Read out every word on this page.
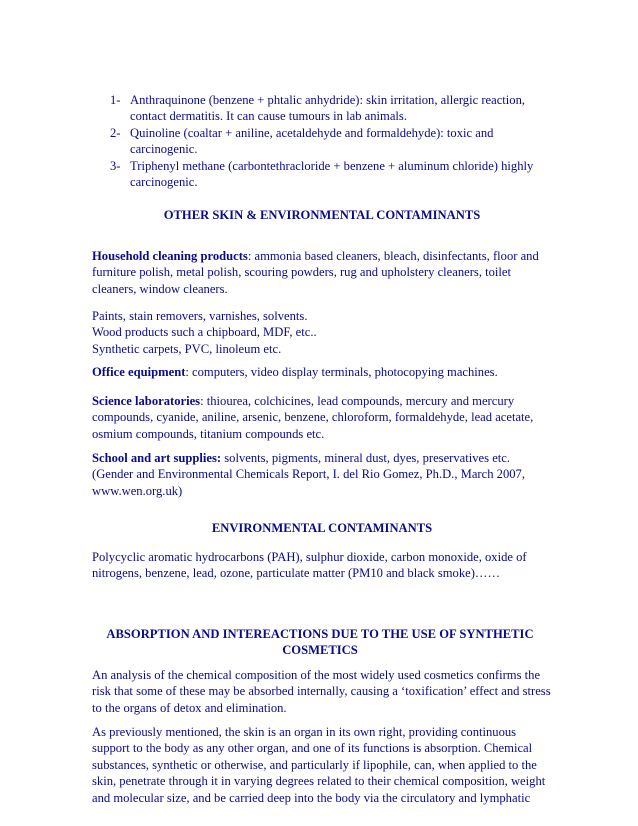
1- Anthraquinone (benzene + phtalic anhydride): skin irritation, allergic reaction, contact dermatitis. It can cause tumours in lab animals.
2- Quinoline (coaltar + aniline, acetaldehyde and formaldehyde): toxic and carcinogenic.
3- Triphenyl methane (carbontethracloride + benzene + aluminum chloride) highly carcinogenic.
OTHER SKIN & ENVIRONMENTAL CONTAMINANTS
Household cleaning products: ammonia based cleaners, bleach, disinfectants, floor and furniture polish, metal polish, scouring powders, rug and upholstery cleaners, toilet cleaners, window cleaners.
Paints, stain removers, varnishes, solvents.
Wood products such a chipboard, MDF, etc..
Synthetic carpets, PVC, linoleum etc.
Office equipment: computers, video display terminals, photocopying machines.
Science laboratories: thiourea, colchicines, lead compounds, mercury and mercury compounds, cyanide, aniline, arsenic, benzene, chloroform, formaldehyde, lead acetate, osmium compounds, titanium compounds etc.
School and art supplies: solvents, pigments, mineral dust, dyes, preservatives etc. (Gender and Environmental Chemicals Report, I. del Rio Gomez, Ph.D., March 2007, www.wen.org.uk)
ENVIRONMENTAL CONTAMINANTS
Polycyclic aromatic hydrocarbons (PAH), sulphur dioxide, carbon monoxide, oxide of nitrogens, benzene, lead, ozone, particulate matter (PM10 and black smoke)……
ABSORPTION AND INTEREACTIONS DUE TO THE USE OF SYNTHETIC COSMETICS
An analysis of the chemical composition of the most widely used cosmetics confirms the risk that some of these may be absorbed internally, causing a ‘toxification’ effect and stress to the organs of detox and elimination.
As previously mentioned, the skin is an organ in its own right, providing continuous support to the body as any other organ, and one of its functions is absorption. Chemical substances, synthetic or otherwise, and particularly if lipophile, can, when applied to the skin, penetrate through it in varying degrees related to their chemical composition, weight and molecular size, and be carried deep into the body via the circulatory and lymphatic
